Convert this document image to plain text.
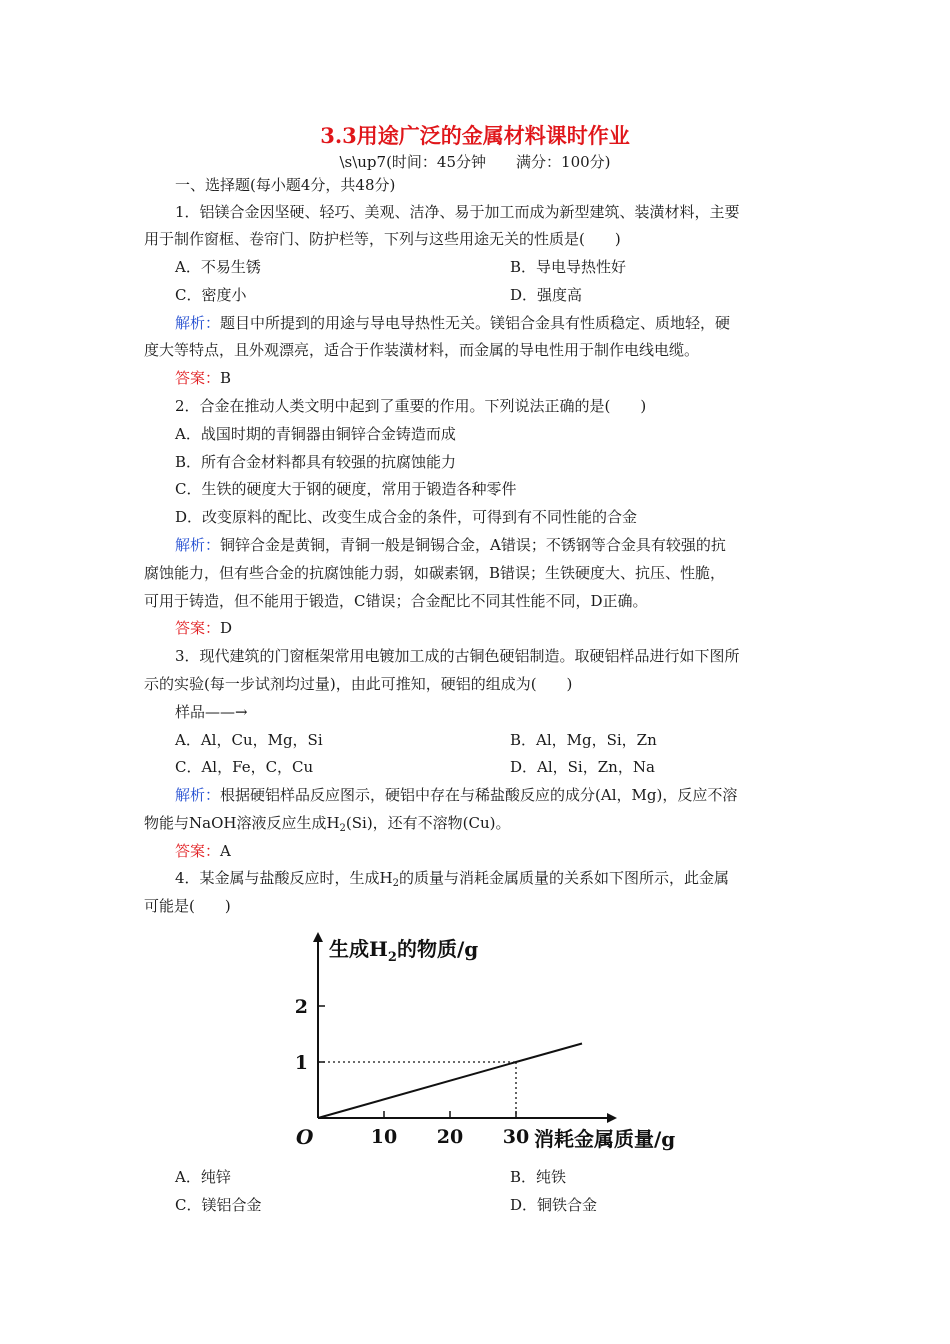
3.3用途广泛的金属材料课时作业
\s\up7(时间：45分钟　　满分：100分)
一、选择题(每小题4分，共48分)
1．铝镁合金因坚硬、轻巧、美观、洁净、易于加工而成为新型建筑、装潢材料，主要
用于制作窗框、卷帘门、防护栏等，下列与这些用途无关的性质是(　　)
A．不易生锈	B．导电导热性好
C．密度小	D．强度高
解析：题目中所提到的用途与导电导热性无关。镁铝合金具有性质稳定、质地轻，硬
度大等特点，且外观漂亮，适合于作装潢材料，而金属的导电性用于制作电线电缆。
答案：B
2．合金在推动人类文明中起到了重要的作用。下列说法正确的是(　　)
A．战国时期的青铜器由铜锌合金铸造而成
B．所有合金材料都具有较强的抗腐蚀能力
C．生铁的硬度大于钢的硬度，常用于锻造各种零件
D．改变原料的配比、改变生成合金的条件，可得到有不同性能的合金
解析：铜锌合金是黄铜，青铜一般是铜锡合金，A错误；不锈钢等合金具有较强的抗
腐蚀能力，但有些合金的抗腐蚀能力弱，如碳素钢，B错误；生铁硬度大、抗压、性脆，
可用于铸造，但不能用于锻造，C错误；合金配比不同其性能不同，D正确。
答案：D
3．现代建筑的门窗框架常用电镀加工成的古铜色硬铝制造。取硬铝样品进行如下图所
示的实验(每一步试剂均过量)，由此可推知，硬铝的组成为(　　)
样品——→
A．Al，Cu，Mg，Si	B．Al，Mg，Si，Zn
C．Al，Fe，C，Cu	D．Al，Si，Zn，Na
解析：根据硬铝样品反应图示，硬铝中存在与稀盐酸反应的成分(Al，Mg)，反应不溶
物能与NaOH溶液反应生成$H_2(Si)$，还有不溶物(Cu)。
答案：A
4．某金属与盐酸反应时，生成$H_2$的质量与消耗金属质量的关系如下图所示，此金属
可能是(　　)
生成$H_2$的物质/g
消耗金属质量/g
O	10 20 30
1
2
A．纯锌	B．纯铁
C．镁铝合金	D．铜铁合金
